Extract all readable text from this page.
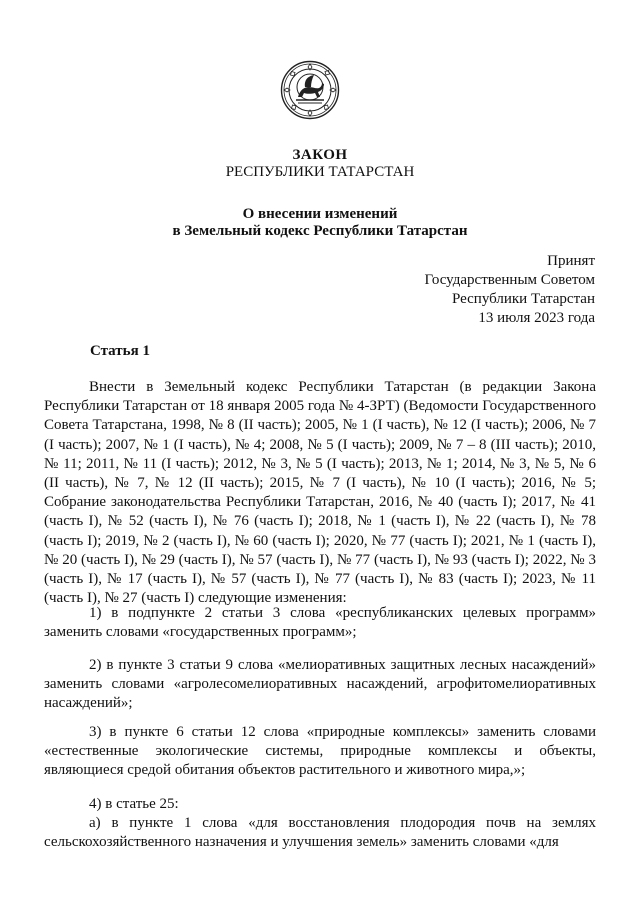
ЗАКОН
РЕСПУБЛИКИ ТАТАРСТАН
О внесении изменений
в Земельный кодекс Республики Татарстан
Принят
Государственным Советом
Республики Татарстан
13 июля 2023 года
Статья 1

Внести в Земельный кодекс Республики Татарстан (в редакции Закона Республики Татарстан от 18 января 2005 года № 4-ЗРТ) (Ведомости Государственного Совета Татарстана, 1998, № 8 (II часть); 2005, № 1 (I часть), № 12 (I часть); 2006, № 7 (I часть); 2007, № 1 (I часть), № 4; 2008, № 5 (I часть); 2009, № 7 – 8 (III часть); 2010, № 11; 2011, № 11 (I часть); 2012, № 3, № 5 (I часть); 2013, № 1; 2014, № 3, № 5, № 6 (II часть), № 7, № 12 (II часть); 2015, № 7 (I часть), № 10 (I часть); 2016, № 5; Собрание законодательства Республики Татарстан, 2016, № 40 (часть I); 2017, № 41 (часть I), № 52 (часть I), № 76 (часть I); 2018, № 1 (часть I), № 22 (часть I), № 78 (часть I); 2019, № 2 (часть I), № 60 (часть I); 2020, № 77 (часть I); 2021, № 1 (часть I), № 20 (часть I), № 29 (часть I), № 57 (часть I), № 77 (часть I), № 93 (часть I); 2022, № 3 (часть I), № 17 (часть I), № 57 (часть I), № 77 (часть I), № 83 (часть I); 2023, № 11 (часть I), № 27 (часть I) следующие изменения:

1) в подпункте 2 статьи 3 слова «республиканских целевых программ» заменить словами «государственных программ»;

2) в пункте 3 статьи 9 слова «мелиоративных защитных лесных насаждений» заменить словами «агролесомелиоративных насаждений, агрофитомелиоративных насаждений»;

3) в пункте 6 статьи 12 слова «природные комплексы» заменить словами «естественные экологические системы, природные комплексы и объекты, являющиеся средой обитания объектов растительного и животного мира,»;

4) в статье 25:

а) в пункте 1 слова «для восстановления плодородия почв на землях сельскохозяйственного назначения и улучшения земель» заменить словами «для
